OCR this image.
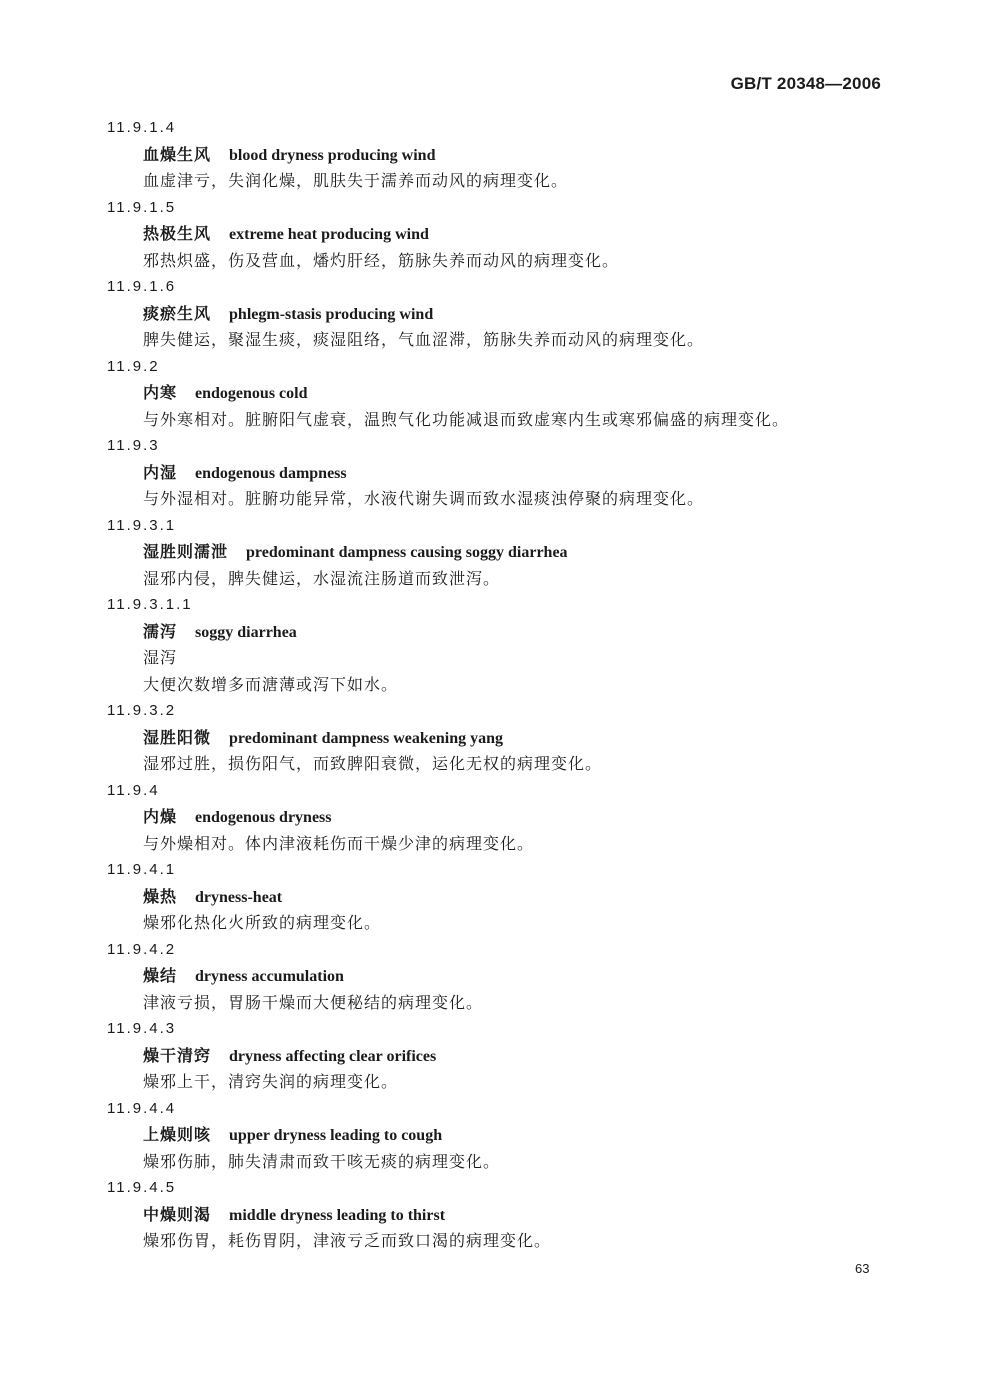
GB/T 20348—2006
11.9.1.4
血燥生风 blood dryness producing wind
血虚津亏，失润化燥，肌肤失于濡养而动风的病理变化。
11.9.1.5
热极生风 extreme heat producing wind
邪热炽盛，伤及营血，燔灼肝经，筋脉失养而动风的病理变化。
11.9.1.6
痰瘀生风 phlegm-stasis producing wind
脾失健运，聚湿生痰，痰湿阻络，气血涩滞，筋脉失养而动风的病理变化。
11.9.2
内寒 endogenous cold
与外寒相对。脏腑阳气虚衰，温煦气化功能减退而致虚寒内生或寒邪偏盛的病理变化。
11.9.3
内湿 endogenous dampness
与外湿相对。脏腑功能异常，水液代谢失调而致水湿痰浊停聚的病理变化。
11.9.3.1
湿胜则濡泄 predominant dampness causing soggy diarrhea
湿邪内侵，脾失健运，水湿流注肠道而致泄泻。
11.9.3.1.1
濡泻 soggy diarrhea
湿泻
大便次数增多而溏薄或泻下如水。
11.9.3.2
湿胜阳微 predominant dampness weakening yang
湿邪过胜，损伤阳气，而致脾阳衰微，运化无权的病理变化。
11.9.4
内燥 endogenous dryness
与外燥相对。体内津液耗伤而干燥少津的病理变化。
11.9.4.1
燥热 dryness-heat
燥邪化热化火所致的病理变化。
11.9.4.2
燥结 dryness accumulation
津液亏损，胃肠干燥而大便秘结的病理变化。
11.9.4.3
燥干清窍 dryness affecting clear orifices
燥邪上干，清窍失润的病理变化。
11.9.4.4
上燥则咳 upper dryness leading to cough
燥邪伤肺，肺失清肃而致干咳无痰的病理变化。
11.9.4.5
中燥则渴 middle dryness leading to thirst
燥邪伤胃，耗伤胃阴，津液亏乏而致口渴的病理变化。
63
